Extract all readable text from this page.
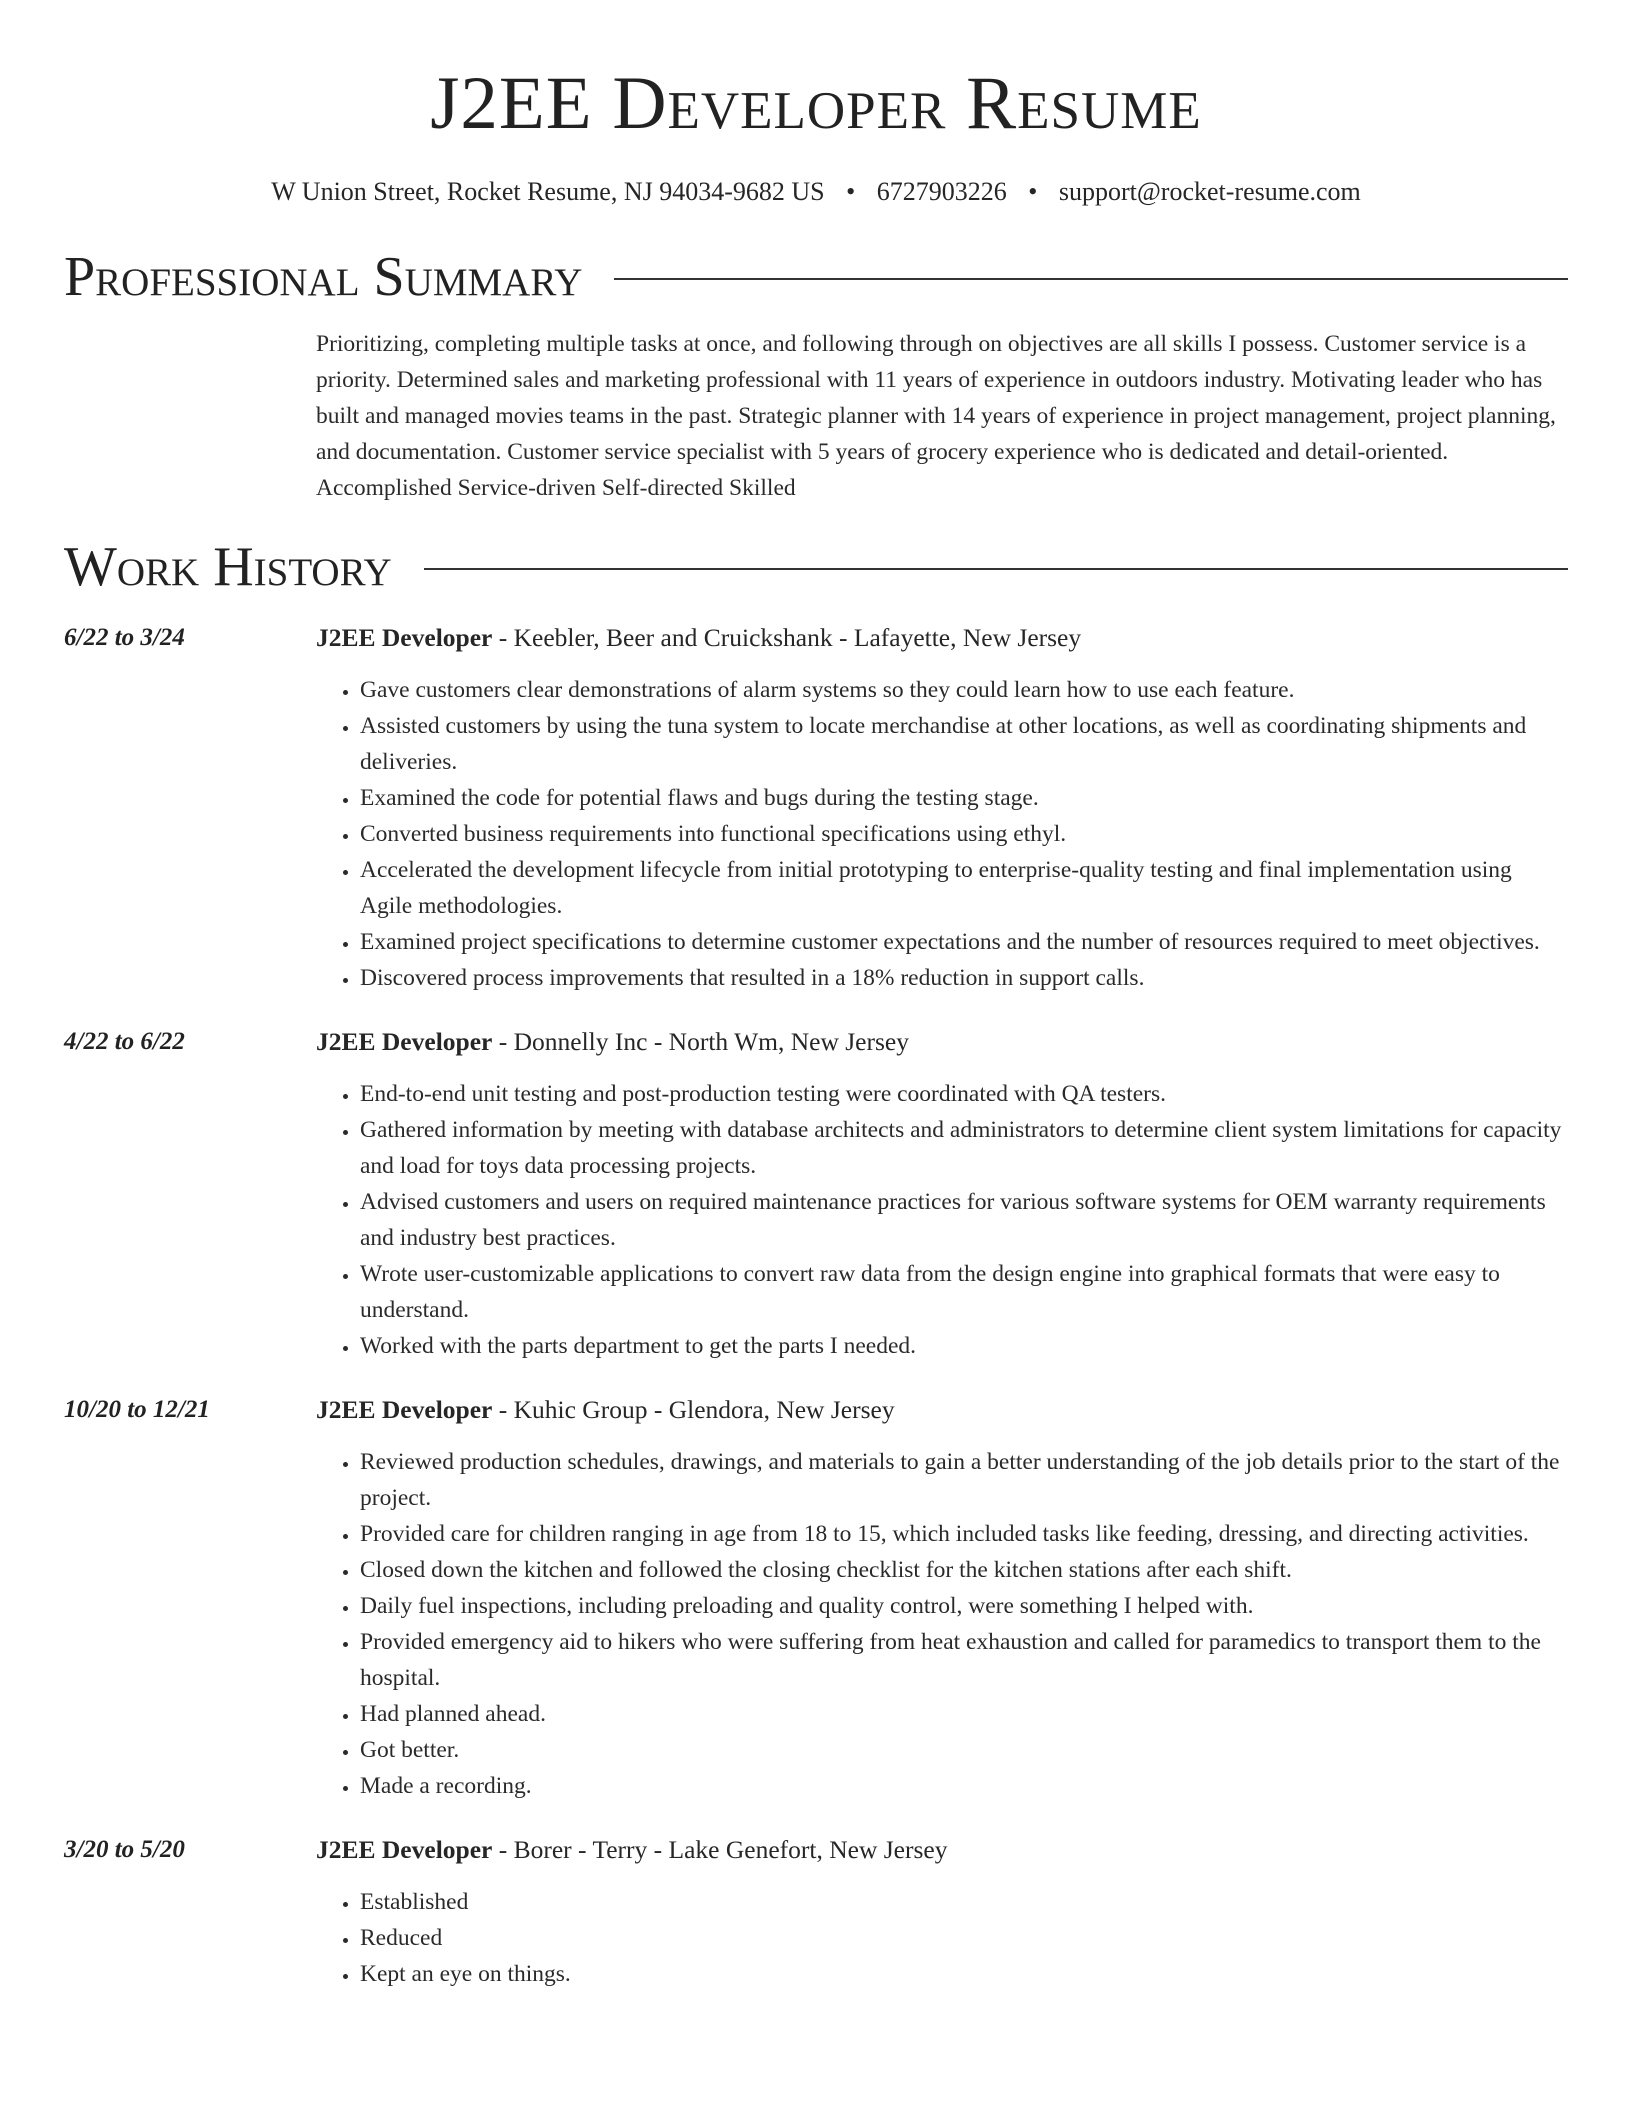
J2EE Developer Resume
W Union Street, Rocket Resume, NJ 94034-9682 US • 6727903226 • support@rocket-resume.com
Professional Summary
Prioritizing, completing multiple tasks at once, and following through on objectives are all skills I possess. Customer service is a priority. Determined sales and marketing professional with 11 years of experience in outdoors industry. Motivating leader who has built and managed movies teams in the past. Strategic planner with 14 years of experience in project management, project planning, and documentation. Customer service specialist with 5 years of grocery experience who is dedicated and detail-oriented. Accomplished Service-driven Self-directed Skilled
Work History
6/22 to 3/24	J2EE Developer - Keebler, Beer and Cruickshank - Lafayette, New Jersey
• Gave customers clear demonstrations of alarm systems so they could learn how to use each feature.
• Assisted customers by using the tuna system to locate merchandise at other locations, as well as coordinating shipments and deliveries.
• Examined the code for potential flaws and bugs during the testing stage.
• Converted business requirements into functional specifications using ethyl.
• Accelerated the development lifecycle from initial prototyping to enterprise-quality testing and final implementation using Agile methodologies.
• Examined project specifications to determine customer expectations and the number of resources required to meet objectives.
• Discovered process improvements that resulted in a 18% reduction in support calls.
4/22 to 6/22	J2EE Developer - Donnelly Inc - North Wm, New Jersey
• End-to-end unit testing and post-production testing were coordinated with QA testers.
• Gathered information by meeting with database architects and administrators to determine client system limitations for capacity and load for toys data processing projects.
• Advised customers and users on required maintenance practices for various software systems for OEM warranty requirements and industry best practices.
• Wrote user-customizable applications to convert raw data from the design engine into graphical formats that were easy to understand.
• Worked with the parts department to get the parts I needed.
10/20 to 12/21	J2EE Developer - Kuhic Group - Glendora, New Jersey
• Reviewed production schedules, drawings, and materials to gain a better understanding of the job details prior to the start of the project.
• Provided care for children ranging in age from 18 to 15, which included tasks like feeding, dressing, and directing activities.
• Closed down the kitchen and followed the closing checklist for the kitchen stations after each shift.
• Daily fuel inspections, including preloading and quality control, were something I helped with.
• Provided emergency aid to hikers who were suffering from heat exhaustion and called for paramedics to transport them to the hospital.
• Had planned ahead.
• Got better.
• Made a recording.
3/20 to 5/20	J2EE Developer - Borer - Terry - Lake Genefort, New Jersey
• Established
• Reduced
• Kept an eye on things.
